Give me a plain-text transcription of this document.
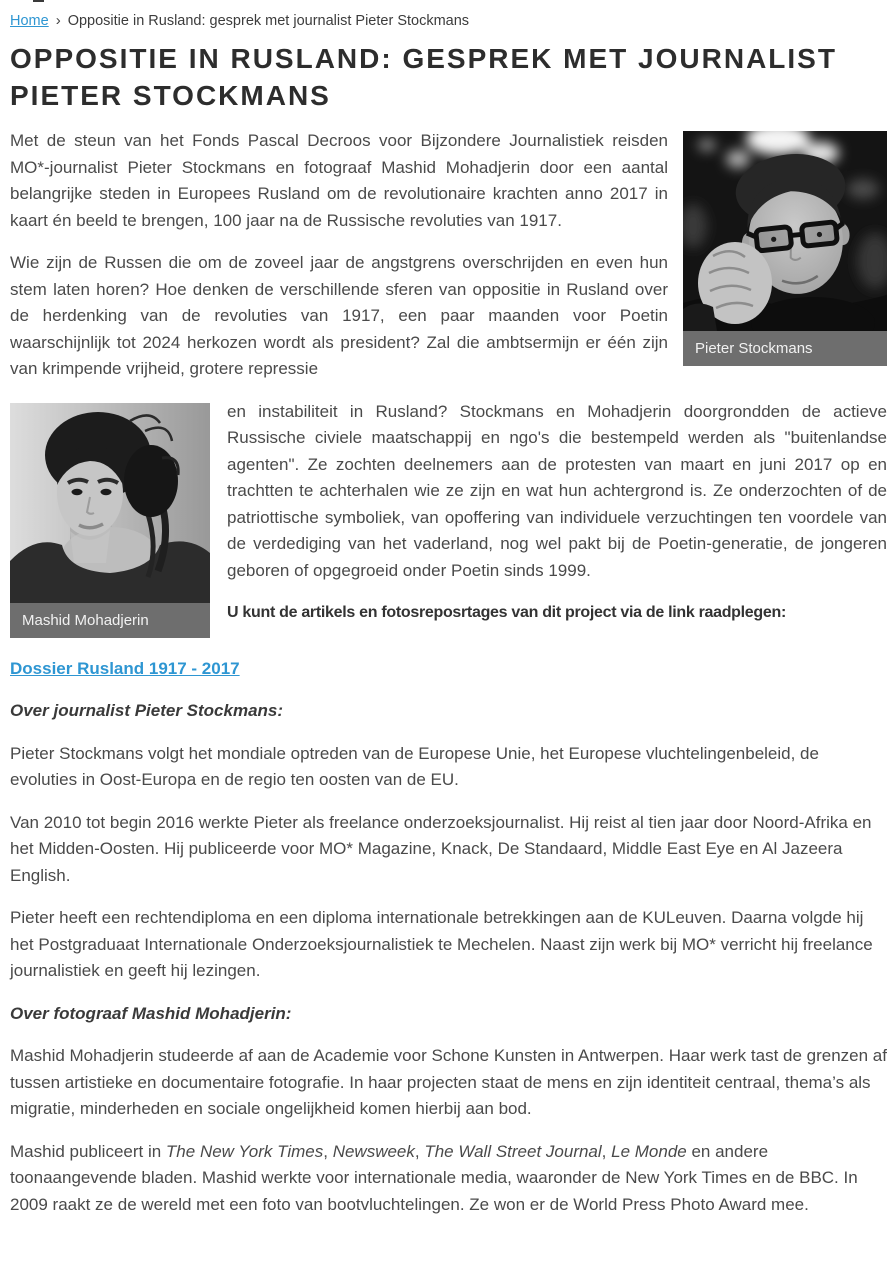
Home › Oppositie in Rusland: gesprek met journalist Pieter Stockmans
OPPOSITIE IN RUSLAND: GESPREK MET JOURNALIST PIETER STOCKMANS
Pieter Stockmans

Met de steun van het Fonds Pascal Decroos voor Bijzondere Journalistiek reisden MO*-journalist Pieter Stockmans en fotograaf Mashid Mohadjerin door een aantal belangrijke steden in Europees Rusland om de revolutionaire krachten anno 2017 in kaart én beeld te brengen, 100 jaar na de Russische revoluties van 1917.

Wie zijn de Russen die om de zoveel jaar de angstgrens overschrijden en even hun stem laten horen? Hoe denken de verschillende sferen van oppositie in Rusland over de herdenking van de revoluties van 1917, een paar maanden voor Poetin waarschijnlijk tot 2024 herkozen wordt als president? Zal die ambtsermijn er één zijn van krimpende vrijheid, grotere repressie

Mashid Mohadjerin

en instabiliteit in Rusland? Stockmans en Mohadjerin doorgrondden de actieve Russische civiele maatschappij en ngo's die bestempeld werden als "buitenlandse agenten". Ze zochten deelnemers aan de protesten van maart en juni 2017 op en trachtten te achterhalen wie ze zijn en wat hun achtergrond is. Ze onderzochten of de patriottische symboliek, van opoffering van individuele verzuchtingen ten voordele van de verdediging van het vaderland, nog wel pakt bij de Poetin-generatie, de jongeren geboren of opgegroeid onder Poetin sinds 1999.

U kunt de artikels en fotosreposrtages van dit project via de link raadplegen:

Dossier Rusland 1917 - 2017

Over journalist Pieter Stockmans:

Pieter Stockmans volgt het mondiale optreden van de Europese Unie, het Europese vluchtelingenbeleid, de evoluties in Oost-Europa en de regio ten oosten van de EU.

Van 2010 tot begin 2016 werkte Pieter als freelance onderzoeksjournalist. Hij reist al tien jaar door Noord-Afrika en het Midden-Oosten. Hij publiceerde voor MO* Magazine, Knack, De Standaard, Middle East Eye en Al Jazeera English.

Pieter heeft een rechtendiploma en een diploma internationale betrekkingen aan de KULeuven. Daarna volgde hij het Postgraduaat Internationale Onderzoeksjournalistiek te Mechelen. Naast zijn werk bij MO* verricht hij freelance journalistiek en geeft hij lezingen.

Over fotograaf Mashid Mohadjerin:

Mashid Mohadjerin studeerde af aan de Academie voor Schone Kunsten in Antwerpen. Haar werk tast de grenzen af tussen artistieke en documentaire fotografie. In haar projecten staat de mens en zijn identiteit centraal, thema’s als migratie, minderheden en sociale ongelijkheid komen hierbij aan bod.

Mashid publiceert in The New York Times, Newsweek, The Wall Street Journal, Le Monde en andere toonaangevende bladen. Mashid werkte voor internationale media, waaronder de New York Times en de BBC. In 2009 raakt ze de wereld met een foto van bootvluchtelingen. Ze won er de World Press Photo Award mee.
